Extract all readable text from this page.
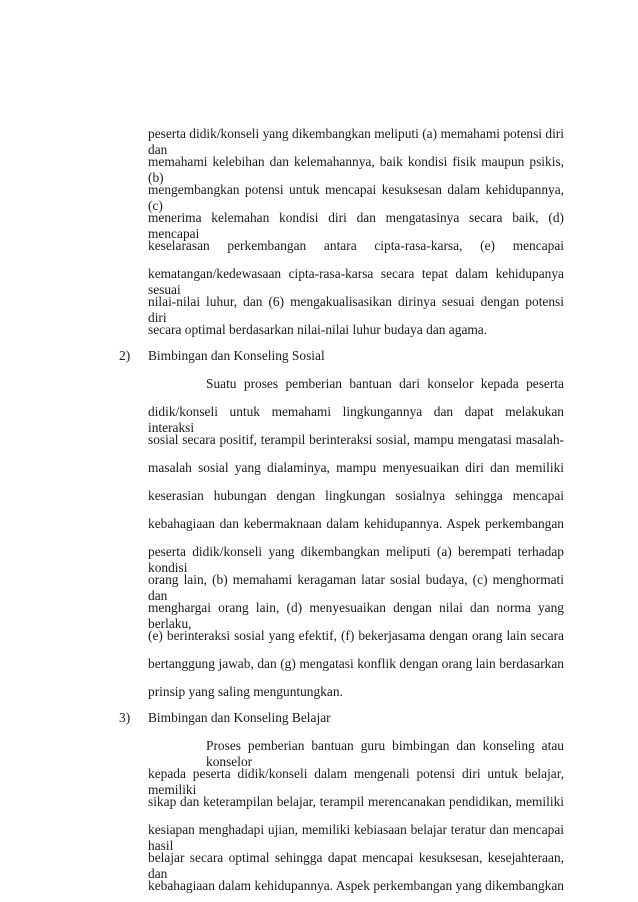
peserta didik/konseli yang dikembangkan meliputi (a) memahami potensi diri dan
memahami kelebihan dan kelemahannya, baik kondisi fisik maupun psikis, (b)
mengembangkan potensi untuk mencapai kesuksesan dalam kehidupannya, (c)
menerima kelemahan kondisi diri dan mengatasinya secara baik, (d) mencapai
keselarasan perkembangan antara cipta-rasa-karsa, (e) mencapai
kematangan/kedewasaan cipta-rasa-karsa secara tepat dalam kehidupanya sesuai
nilai-nilai luhur, dan (6) mengakualisasikan dirinya sesuai dengan potensi diri
secara optimal berdasarkan nilai-nilai luhur budaya dan agama.
2) Bimbingan dan Konseling Sosial
Suatu proses pemberian bantuan dari konselor kepada peserta
didik/konseli untuk memahami lingkungannya dan dapat melakukan interaksi
sosial secara positif, terampil berinteraksi sosial, mampu mengatasi masalah-
masalah sosial yang dialaminya, mampu menyesuaikan diri dan memiliki
keserasian hubungan dengan lingkungan sosialnya sehingga mencapai
kebahagiaan dan kebermaknaan dalam kehidupannya. Aspek perkembangan
peserta didik/konseli yang dikembangkan meliputi (a) berempati terhadap kondisi
orang lain, (b) memahami keragaman latar sosial budaya, (c) menghormati dan
menghargai orang lain, (d) menyesuaikan dengan nilai dan norma yang berlaku,
(e) berinteraksi sosial yang efektif, (f) bekerjasama dengan orang lain secara
bertanggung jawab, dan (g) mengatasi konflik dengan orang lain berdasarkan
prinsip yang saling menguntungkan.
3) Bimbingan dan Konseling Belajar
Proses pemberian bantuan guru bimbingan dan konseling atau konselor
kepada peserta didik/konseli dalam mengenali potensi diri untuk belajar, memiliki
sikap dan keterampilan belajar, terampil merencanakan pendidikan, memiliki
kesiapan menghadapi ujian, memiliki kebiasaan belajar teratur dan mencapai hasil
belajar secara optimal sehingga dapat mencapai kesuksesan, kesejahteraan, dan
kebahagiaan dalam kehidupannya. Aspek perkembangan yang dikembangkan
